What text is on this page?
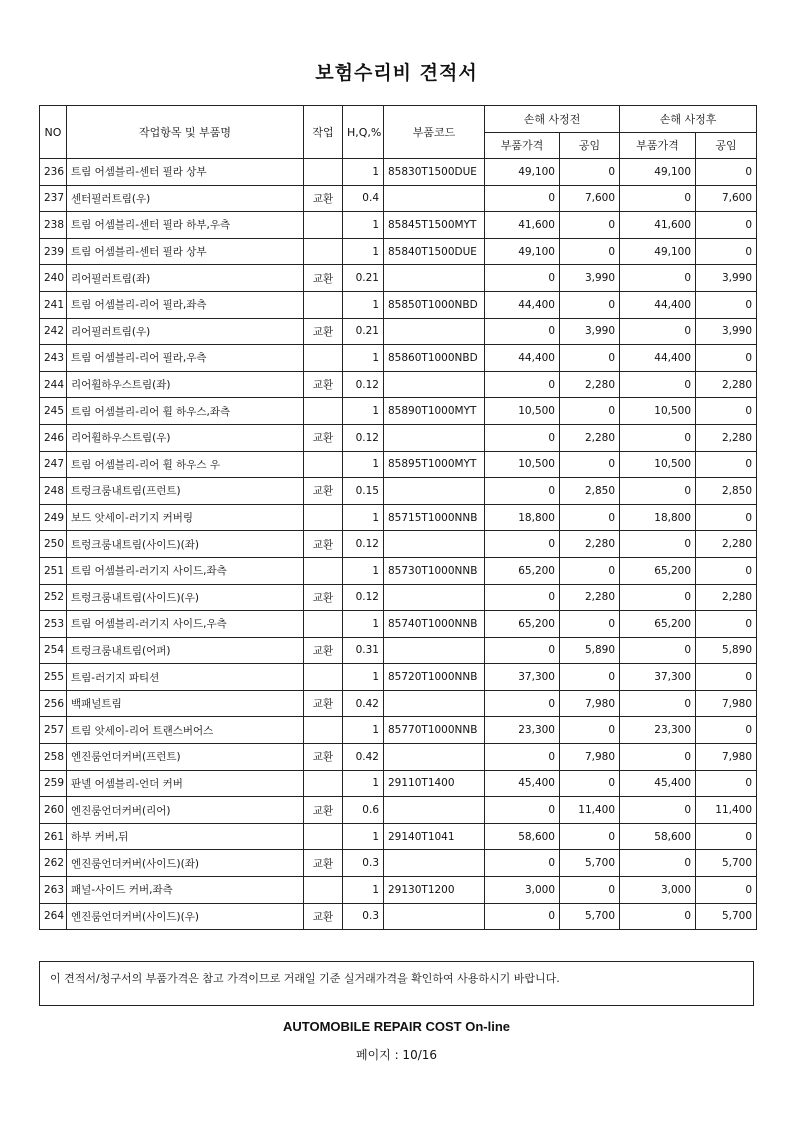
보험수리비 견적서
NO	작업항목 및 부품명	작업	H,Q,%	부품코드	손해 사정전		손해 사정후	
					부품가격	공임	부품가격	공임
236	트림 어셈블리-센터 필라 상부		1	85830T1500DUE	49,100	0	49,100	0
237	센터필러트림(우)	교환	0.4		0	7,600	0	7,600
238	트림 어셈블리-센터 필라 하부,우측		1	85845T1500MYT	41,600	0	41,600	0
239	트림 어셈블리-센터 필라 상부		1	85840T1500DUE	49,100	0	49,100	0
240	리어필러트림(좌)	교환	0.21		0	3,990	0	3,990
241	트림 어셈블리-리어 필라,좌측		1	85850T1000NBD	44,400	0	44,400	0
242	리어필러트림(우)	교환	0.21		0	3,990	0	3,990
243	트림 어셈블리-리어 필라,우측		1	85860T1000NBD	44,400	0	44,400	0
244	리어휠하우스트림(좌)	교환	0.12		0	2,280	0	2,280
245	트림 어셈블리-리어 휠 하우스,좌측		1	85890T1000MYT	10,500	0	10,500	0
246	리어휠하우스트림(우)	교환	0.12		0	2,280	0	2,280
247	트림 어셈블리-리어 휠 하우스 우		1	85895T1000MYT	10,500	0	10,500	0
248	트렁크룸내트림(프런트)	교환	0.15		0	2,850	0	2,850
249	보드 앗세이-러기지 커버링		1	85715T1000NNB	18,800	0	18,800	0
250	트렁크룸내트림(사이드)(좌)	교환	0.12		0	2,280	0	2,280
251	트림 어셈블리-러기지 사이드,좌측		1	85730T1000NNB	65,200	0	65,200	0
252	트렁크룸내트림(사이드)(우)	교환	0.12		0	2,280	0	2,280
253	트림 어셈블리-러기지 사이드,우측		1	85740T1000NNB	65,200	0	65,200	0
254	트렁크룸내트림(어퍼)	교환	0.31		0	5,890	0	5,890
255	트림-러기지 파티션		1	85720T1000NNB	37,300	0	37,300	0
256	백패널트림	교환	0.42		0	7,980	0	7,980
257	트림 앗세이-리어 트랜스버어스		1	85770T1000NNB	23,300	0	23,300	0
258	엔진룸언더커버(프런트)	교환	0.42		0	7,980	0	7,980
259	판넬 어셈블리-언더 커버		1	29110T1400	45,400	0	45,400	0
260	엔진룸언더커버(리어)	교환	0.6		0	11,400	0	11,400
261	하부 커버,뒤		1	29140T1041	58,600	0	58,600	0
262	엔진룸언더커버(사이드)(좌)	교환	0.3		0	5,700	0	5,700
263	패널-사이드 커버,좌측		1	29130T1200	3,000	0	3,000	0
264	엔진룸언더커버(사이드)(우)	교환	0.3		0	5,700	0	5,700
이 견적서/청구서의 부품가격은 참고 가격이므로 거래일 기준 실거래가격을 확인하여 사용하시기 바랍니다.
AUTOMOBILE REPAIR COST On-line
페이지 : 10/16
